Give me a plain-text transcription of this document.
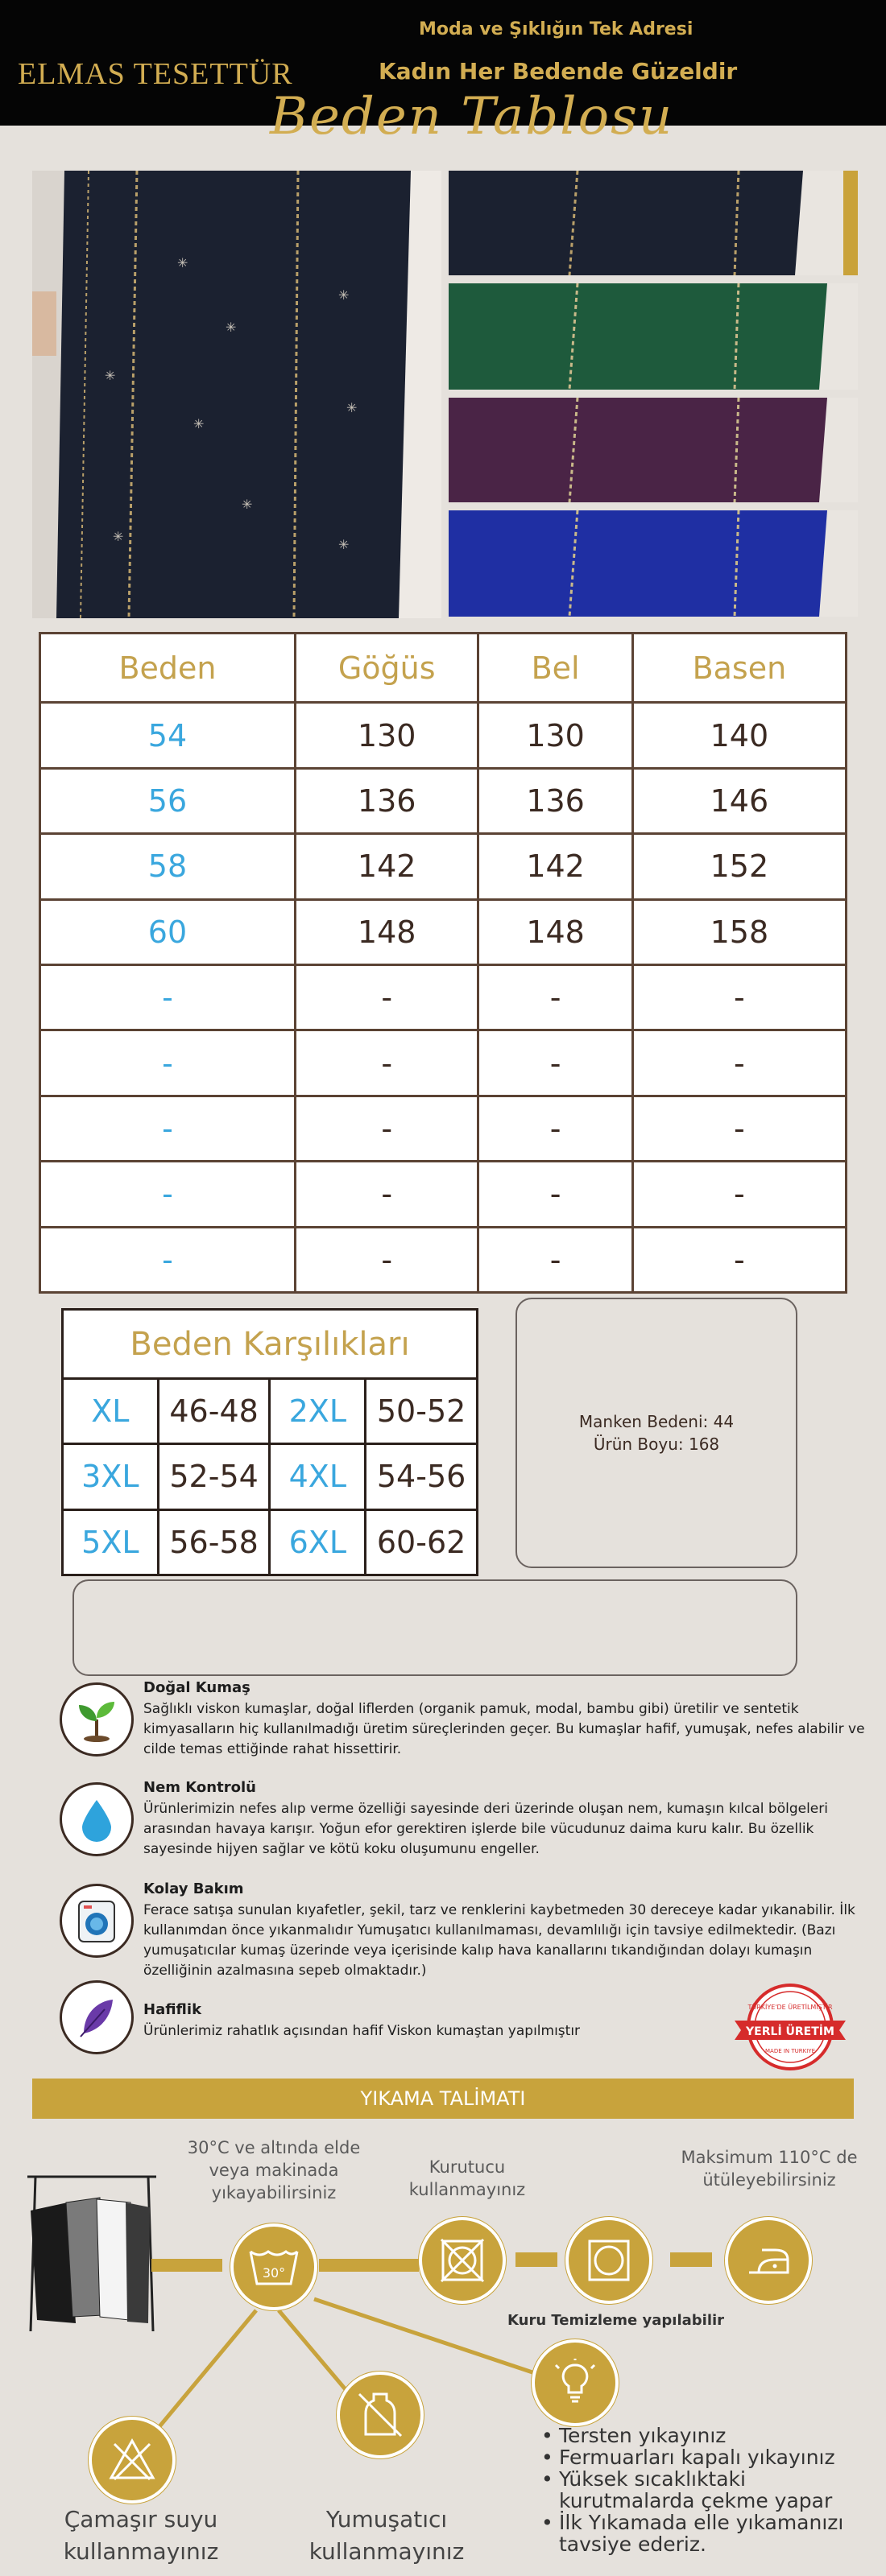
ELMAS TESETTÜR
Moda ve Şıklığın Tek Adresi
Kadın Her Bedende Güzeldir
Beden Tablosu
✳
✳
✳
✳
✳
✳
✳
✳
✳
Beden	Göğüs	Bel	Basen
54	130	130	140
56	136	136	146
58	142	142	152
60	148	148	158
-	-	-	-
-	-	-	-
-	-	-	-
-	-	-	-
-	-	-	-
Beden Karşılıkları			
XL	46-48	2XL	50-52
3XL	52-54	4XL	54-56
5XL	56-58	6XL	60-62
Manken Bedeni: 44
Ürün Boyu: 168
Doğal Kumaş
Sağlıklı viskon kumaşlar, doğal liflerden (organik pamuk, modal, bambu gibi) üretilir ve sentetik kimyasalların hiç kullanılmadığı üretim süreçlerinden geçer. Bu kumaşlar hafif, yumuşak, nefes alabilir ve cilde temas ettiğinde rahat hissettirir.
Nem Kontrolü
Ürünlerimizin nefes alıp verme özelliği sayesinde deri üzerinde oluşan nem, kumaşın kılcal bölgeleri arasından havaya karışır. Yoğun efor gerektiren işlerde bile vücudunuz daima kuru kalır. Bu özellik sayesinde hijyen sağlar ve kötü koku oluşumunu engeller.
Kolay Bakım
Ferace satışa sunulan kıyafetler, şekil, tarz ve renklerini kaybetmeden 30 dereceye kadar yıkanabilir. İlk kullanımdan önce yıkanmalıdır Yumuşatıcı kullanılmaması, devamlılığı için tavsiye edilmektedir. (Bazı yumuşatıcılar kumaş üzerinde veya içerisinde kalıp hava kanallarını tıkandığından dolayı kumaşın özelliğinin azalmasına sepeb olmaktadır.)
Hafiflik
Ürünlerimiz rahatlık açısından hafif Viskon kumaştan yapılmıştır
TÜRKİYE'DE ÜRETİLMİŞTİR
YERLİ ÜRETİM
MADE IN TURKIYE
YIKAMA TALİMATI
30°C ve altında elde veya makinada yıkayabilirsiniz
30°
Kurutucu kullanmayınız
Maksimum 110°C de ütüleyebilirsiniz
Kuru Temizleme yapılabilir
Çamaşır suyu kullanmayınız
Yumuşatıcı kullanmayınız
• Tersten yıkayınız
• Fermuarları kapalı yıkayınız
• Yüksek sıcaklıktaki kurutmalarda çekme yapar
• İlk Yıkamada elle yıkamanızı tavsiye ederiz.
